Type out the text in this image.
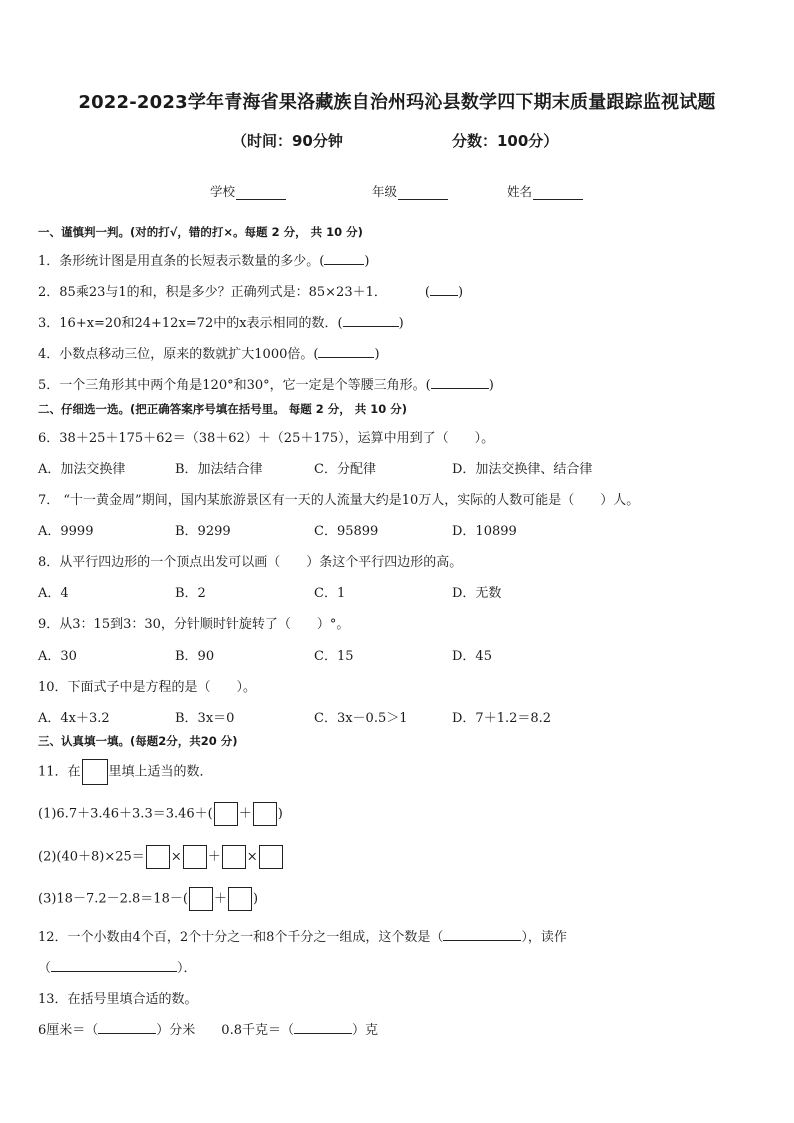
2022-2023学年青海省果洛藏族自治州玛沁县数学四下期末质量跟踪监视试题
（时间：90分钟	分数：100分）
学校	年级	姓名
一、谨慎判一判。(对的打√，错的打×。每题 2 分， 共 10 分)
1．条形统计图是用直条的长短表示数量的多少。(	)
2．85乘23与1的和，积是多少？正确列式是：85×23＋1．	( )
3．16+x=20和24+12x=72中的x表示相同的数．(	)
4．小数点移动三位，原来的数就扩大1000倍。(	)
5．一个三角形其中两个角是120°和30°，它一定是个等腰三角形。(	)
二、仔细选一选。(把正确答案序号填在括号里。 每题 2 分， 共 10 分)
6．38＋25＋175＋62＝（38＋62）＋（25＋175），运算中用到了（　　）。
A．加法交换律	B．加法结合律	C．分配律	D．加法交换律、结合律
7． “十一黄金周”期间，国内某旅游景区有一天的人流量大约是10万人，实际的人数可能是（　　）人。
A．9999	B．9299	C．95899	D．10899
8．从平行四边形的一个顶点出发可以画（　　）条这个平行四边形的高。
A．4	B．2	C．1	D．无数
9．从3：15到3：30，分针顺时针旋转了（　　）°。
A．30	B．90	C．15	D．45
10．下面式子中是方程的是（　　）。
A．4x＋3.2	B．3x＝0	C．3x－0.5＞1	D．7＋1.2＝8.2
三、认真填一填。(每题2分，共20 分)
11．在 里填上适当的数．
(1)6.7＋3.46＋3.3＝3.46＋( ＋ )
(2)(40＋8)×25＝ × ＋ ×
(3)18－7.2－2.8＝18－( ＋ )
12．一个小数由4个百，2个十分之一和8个千分之一组成，这个数是（	），读作
（	）．
13．在括号里填合适的数。
6厘米＝（	）分米 0.8千克＝（	）克
